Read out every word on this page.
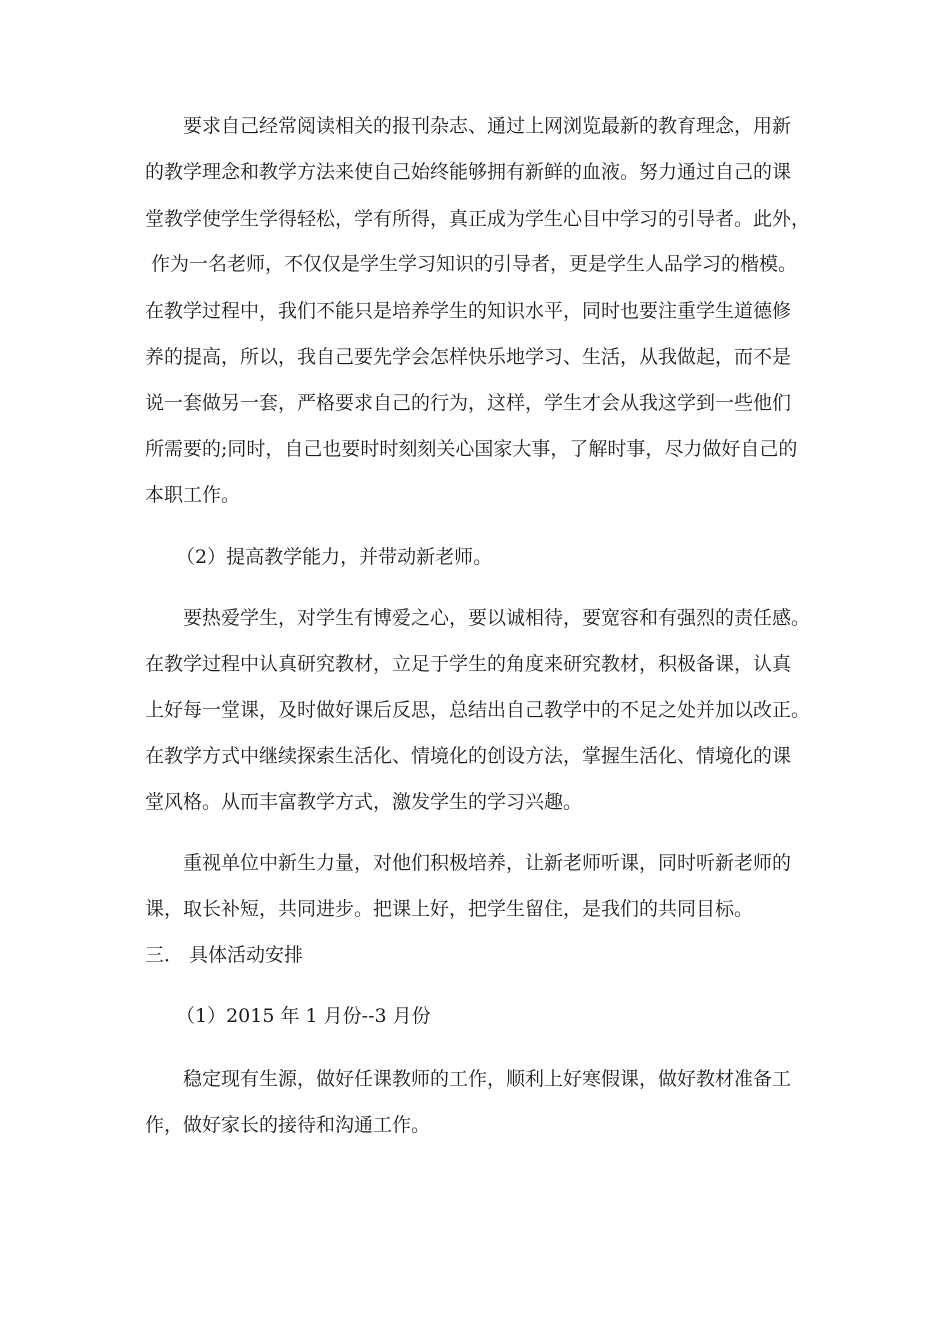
要求自己经常阅读相关的报刊杂志、通过上网浏览最新的教育理念，用新
的教学理念和教学方法来使自己始终能够拥有新鲜的血液。努力通过自己的课
堂教学使学生学得轻松，学有所得，真正成为学生心目中学习的引导者。此外，
作为一名老师，不仅仅是学生学习知识的引导者，更是学生人品学习的楷模。
在教学过程中，我们不能只是培养学生的知识水平，同时也要注重学生道德修
养的提高，所以，我自己要先学会怎样快乐地学习、生活，从我做起，而不是
说一套做另一套，严格要求自己的行为，这样，学生才会从我这学到一些他们
所需要的;同时，自己也要时时刻刻关心国家大事，了解时事，尽力做好自己的
本职工作。
（2）提高教学能力，并带动新老师。
要热爱学生，对学生有博爱之心，要以诚相待，要宽容和有强烈的责任感。
在教学过程中认真研究教材，立足于学生的角度来研究教材，积极备课，认真
上好每一堂课，及时做好课后反思，总结出自己教学中的不足之处并加以改正。
在教学方式中继续探索生活化、情境化的创设方法，掌握生活化、情境化的课
堂风格。从而丰富教学方式，激发学生的学习兴趣。
重视单位中新生力量，对他们积极培养，让新老师听课，同时听新老师的
课，取长补短，共同进步。把课上好，把学生留住，是我们的共同目标。
三． 具体活动安排
（1）2015 年 1 月份--3 月份
稳定现有生源，做好任课教师的工作，顺利上好寒假课，做好教材准备工
作，做好家长的接待和沟通工作。
